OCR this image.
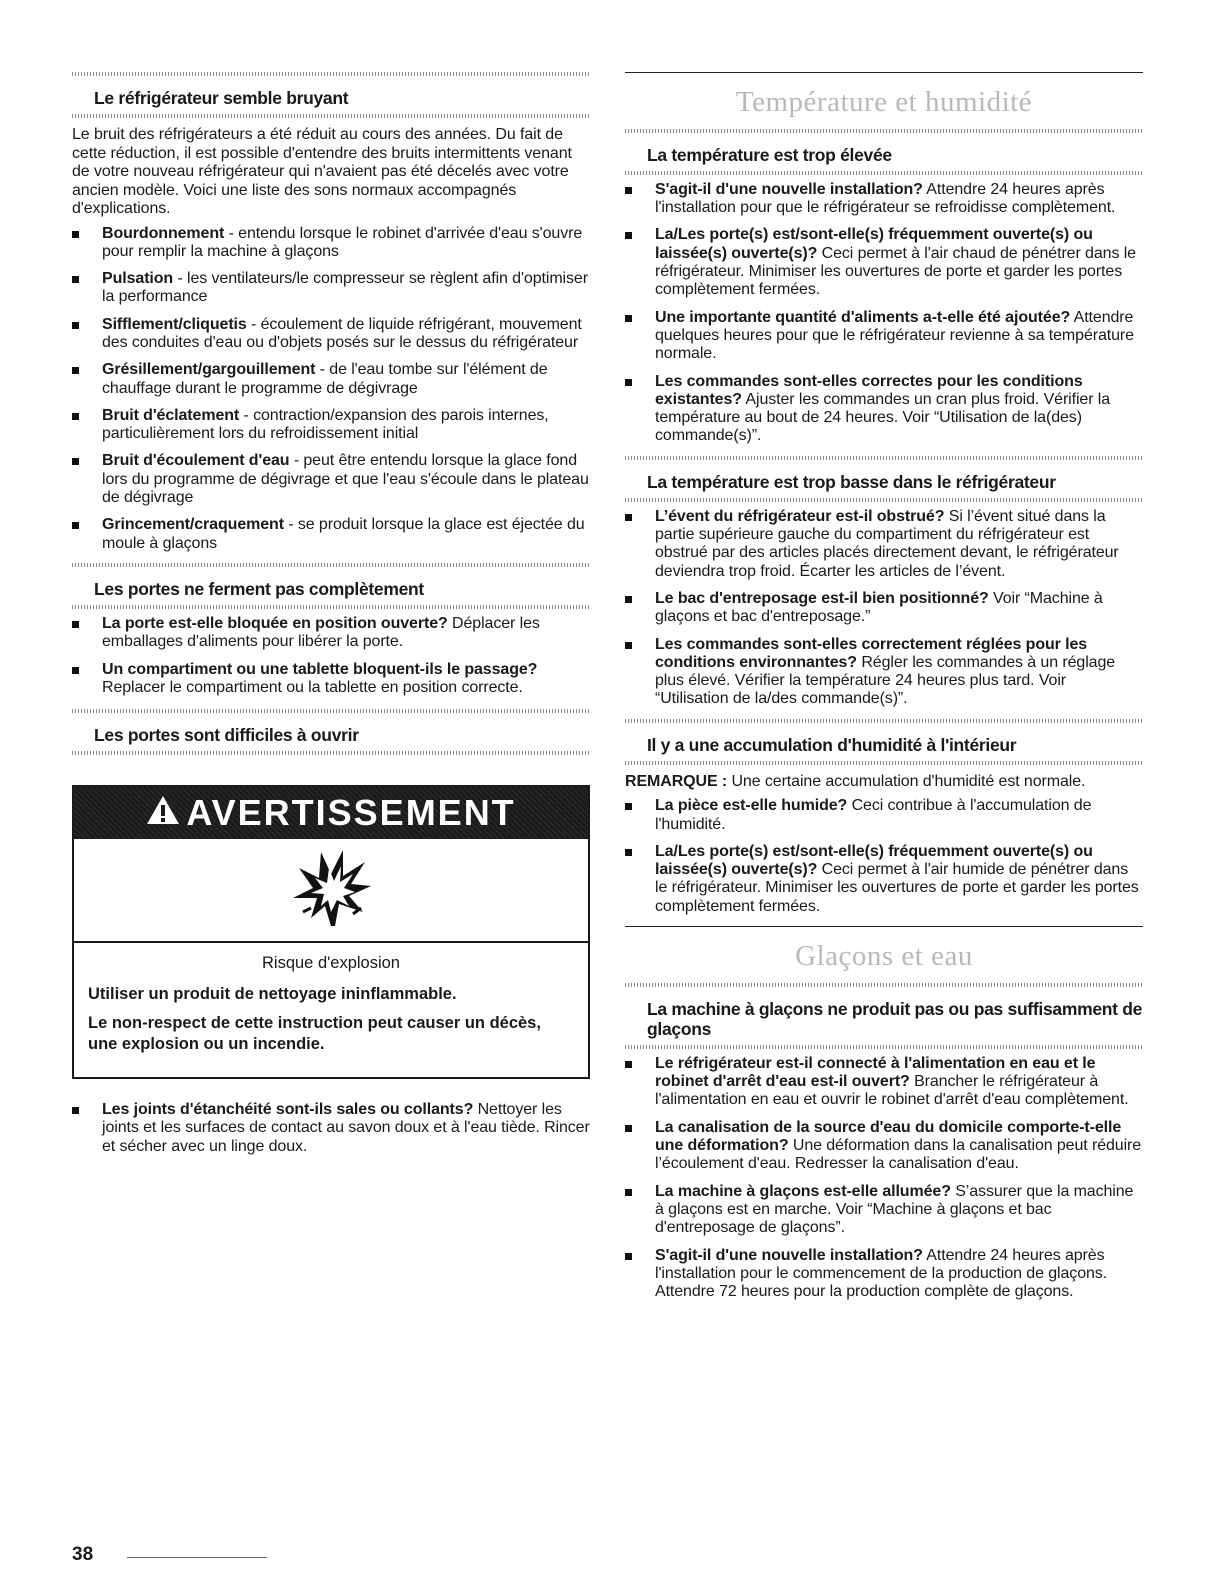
Le réfrigérateur semble bruyant
Le bruit des réfrigérateurs a été réduit au cours des années. Du fait de cette réduction, il est possible d'entendre des bruits intermittents venant de votre nouveau réfrigérateur qui n'avaient pas été décelés avec votre ancien modèle. Voici une liste des sons normaux accompagnés d'explications.
Bourdonnement - entendu lorsque le robinet d'arrivée d'eau s'ouvre pour remplir la machine à glaçons
Pulsation - les ventilateurs/le compresseur se règlent afin d'optimiser la performance
Sifflement/cliquetis - écoulement de liquide réfrigérant, mouvement des conduites d'eau ou d'objets posés sur le dessus du réfrigérateur
Grésillement/gargouillement - de l'eau tombe sur l'élément de chauffage durant le programme de dégivrage
Bruit d'éclatement - contraction/expansion des parois internes, particulièrement lors du refroidissement initial
Bruit d'écoulement d'eau - peut être entendu lorsque la glace fond lors du programme de dégivrage et que l'eau s'écoule dans le plateau de dégivrage
Grincement/craquement - se produit lorsque la glace est éjectée du moule à glaçons
Les portes ne ferment pas complètement
La porte est-elle bloquée en position ouverte? Déplacer les emballages d'aliments pour libérer la porte.
Un compartiment ou une tablette bloquent-ils le passage? Replacer le compartiment ou la tablette en position correcte.
Les portes sont difficiles à ouvrir
AVERTISSEMENT
Risque d'explosion

Utiliser un produit de nettoyage ininflammable.

Le non-respect de cette instruction peut causer un décès, une explosion ou un incendie.

Les joints d'étanchéité sont-ils sales ou collants? Nettoyer les joints et les surfaces de contact au savon doux et à l'eau tiède. Rincer et sécher avec un linge doux.
Température et humidité
La température est trop élevée
S'agit-il d'une nouvelle installation? Attendre 24 heures après l'installation pour que le réfrigérateur se refroidisse complètement.
La/Les porte(s) est/sont-elle(s) fréquemment ouverte(s) ou laissée(s) ouverte(s)? Ceci permet à l'air chaud de pénétrer dans le réfrigérateur. Minimiser les ouvertures de porte et garder les portes complètement fermées.
Une importante quantité d'aliments a-t-elle été ajoutée? Attendre quelques heures pour que le réfrigérateur revienne à sa température normale.
Les commandes sont-elles correctes pour les conditions existantes? Ajuster les commandes un cran plus froid. Vérifier la température au bout de 24 heures. Voir “Utilisation de la(des) commande(s)”.
La température est trop basse dans le réfrigérateur
L’évent du réfrigérateur est-il obstrué? Si l’évent situé dans la partie supérieure gauche du compartiment du réfrigérateur est obstrué par des articles placés directement devant, le réfrigérateur deviendra trop froid. Écarter les articles de l’évent.
Le bac d'entreposage est-il bien positionné? Voir “Machine à glaçons et bac d'entreposage.”
Les commandes sont-elles correctement réglées pour les conditions environnantes? Régler les commandes à un réglage plus élevé. Vérifier la température 24 heures plus tard. Voir “Utilisation de la/des commande(s)”.
Il y a une accumulation d'humidité à l'intérieur
REMARQUE : Une certaine accumulation d'humidité est normale.
La pièce est-elle humide? Ceci contribue à l'accumulation de l'humidité.
La/Les porte(s) est/sont-elle(s) fréquemment ouverte(s) ou laissée(s) ouverte(s)? Ceci permet à l'air humide de pénétrer dans le réfrigérateur. Minimiser les ouvertures de porte et garder les portes complètement fermées.
Glaçons et eau
La machine à glaçons ne produit pas ou pas suffisamment de glaçons
Le réfrigérateur est-il connecté à l'alimentation en eau et le robinet d'arrêt d'eau est-il ouvert? Brancher le réfrigérateur à l'alimentation en eau et ouvrir le robinet d'arrêt d'eau complètement.
La canalisation de la source d'eau du domicile comporte-t-elle une déformation? Une déformation dans la canalisation peut réduire l’écoulement d'eau. Redresser la canalisation d'eau.
La machine à glaçons est-elle allumée? S’assurer que la machine à glaçons est en marche. Voir “Machine à glaçons et bac d'entreposage de glaçons”.
S'agit-il d'une nouvelle installation? Attendre 24 heures après l'installation pour le commencement de la production de glaçons. Attendre 72 heures pour la production complète de glaçons.
38
